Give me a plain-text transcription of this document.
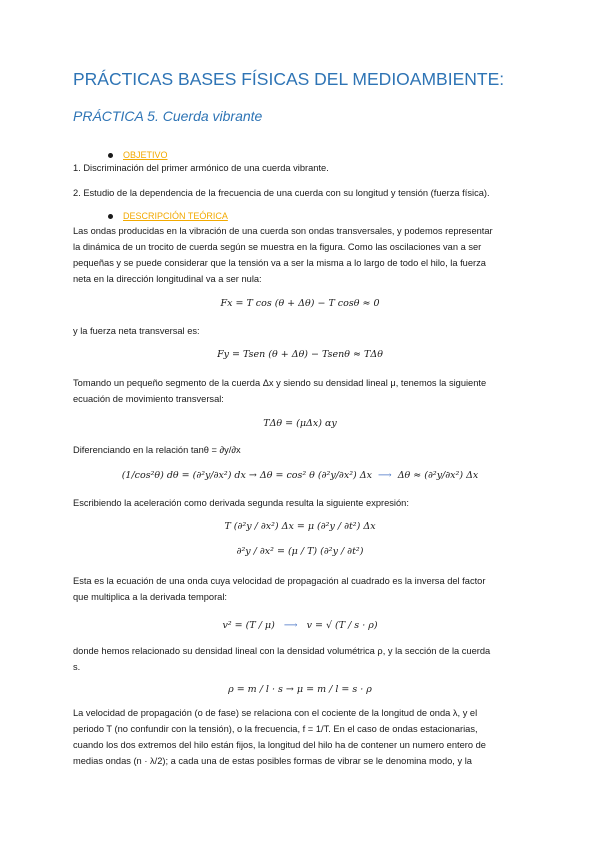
PRÁCTICAS BASES FÍSICAS DEL MEDIOAMBIENTE:
PRÁCTICA 5. Cuerda vibrante
OBJETIVO
1. Discriminación del primer armónico de una cuerda vibrante.
2. Estudio de la dependencia de la frecuencia de una cuerda con su longitud y tensión (fuerza física).
DESCRIPCIÓN TEÓRICA
Las ondas producidas en la vibración de una cuerda son ondas transversales, y podemos representar
la dinámica de un trocito de cuerda según se muestra en la figura. Como las oscilaciones van a ser
pequeñas y se puede considerar que la tensión va a ser la misma a lo largo de todo el hilo, la fuerza
neta en la dirección longitudinal va a ser nula:
Fx = T cos (θ + Δθ) − T cosθ ≈ 0
y la fuerza neta transversal es:
Fy = Tsen (θ + Δθ) − Tsenθ ≈ TΔθ
Tomando un pequeño segmento de la cuerda Δx y siendo su densidad lineal μ, tenemos la siguiente
ecuación de movimiento transversal:
TΔθ = (μΔx) αy
Diferenciando en la relación tanθ = ∂y/∂x
(1/cos²θ) dθ = (∂²y/∂x²) dx → Δθ = cos² θ (∂²y/∂x²) Δx  ⟶  Δθ ≈ (∂²y/∂x²) Δx
Escribiendo la aceleración como derivada segunda resulta la siguiente expresión:
T (∂²y / ∂x²) Δx = μ (∂²y / ∂t²) Δx
∂²y / ∂x² = (μ / T) (∂²y / ∂t²)
Esta es la ecuación de una onda cuya velocidad de propagación al cuadrado es la inversa del factor
que multiplica a la derivada temporal:
v² = (T / μ)   ⟶   v = √ (T / s · ρ)
donde hemos relacionado su densidad lineal con la densidad volumétrica ρ, y la sección de la cuerda
s.
ρ = m / l · s → μ = m / l = s · ρ
La velocidad de propagación (o de fase) se relaciona con el cociente de la longitud de onda λ, y el
periodo T (no confundir con la tensión), o la frecuencia, f = 1/T. En el caso de ondas estacionarias,
cuando los dos extremos del hilo están fijos, la longitud del hilo ha de contener un numero entero de
medias ondas (n · λ/2); a cada una de estas posibles formas de vibrar se le denomina modo, y la
